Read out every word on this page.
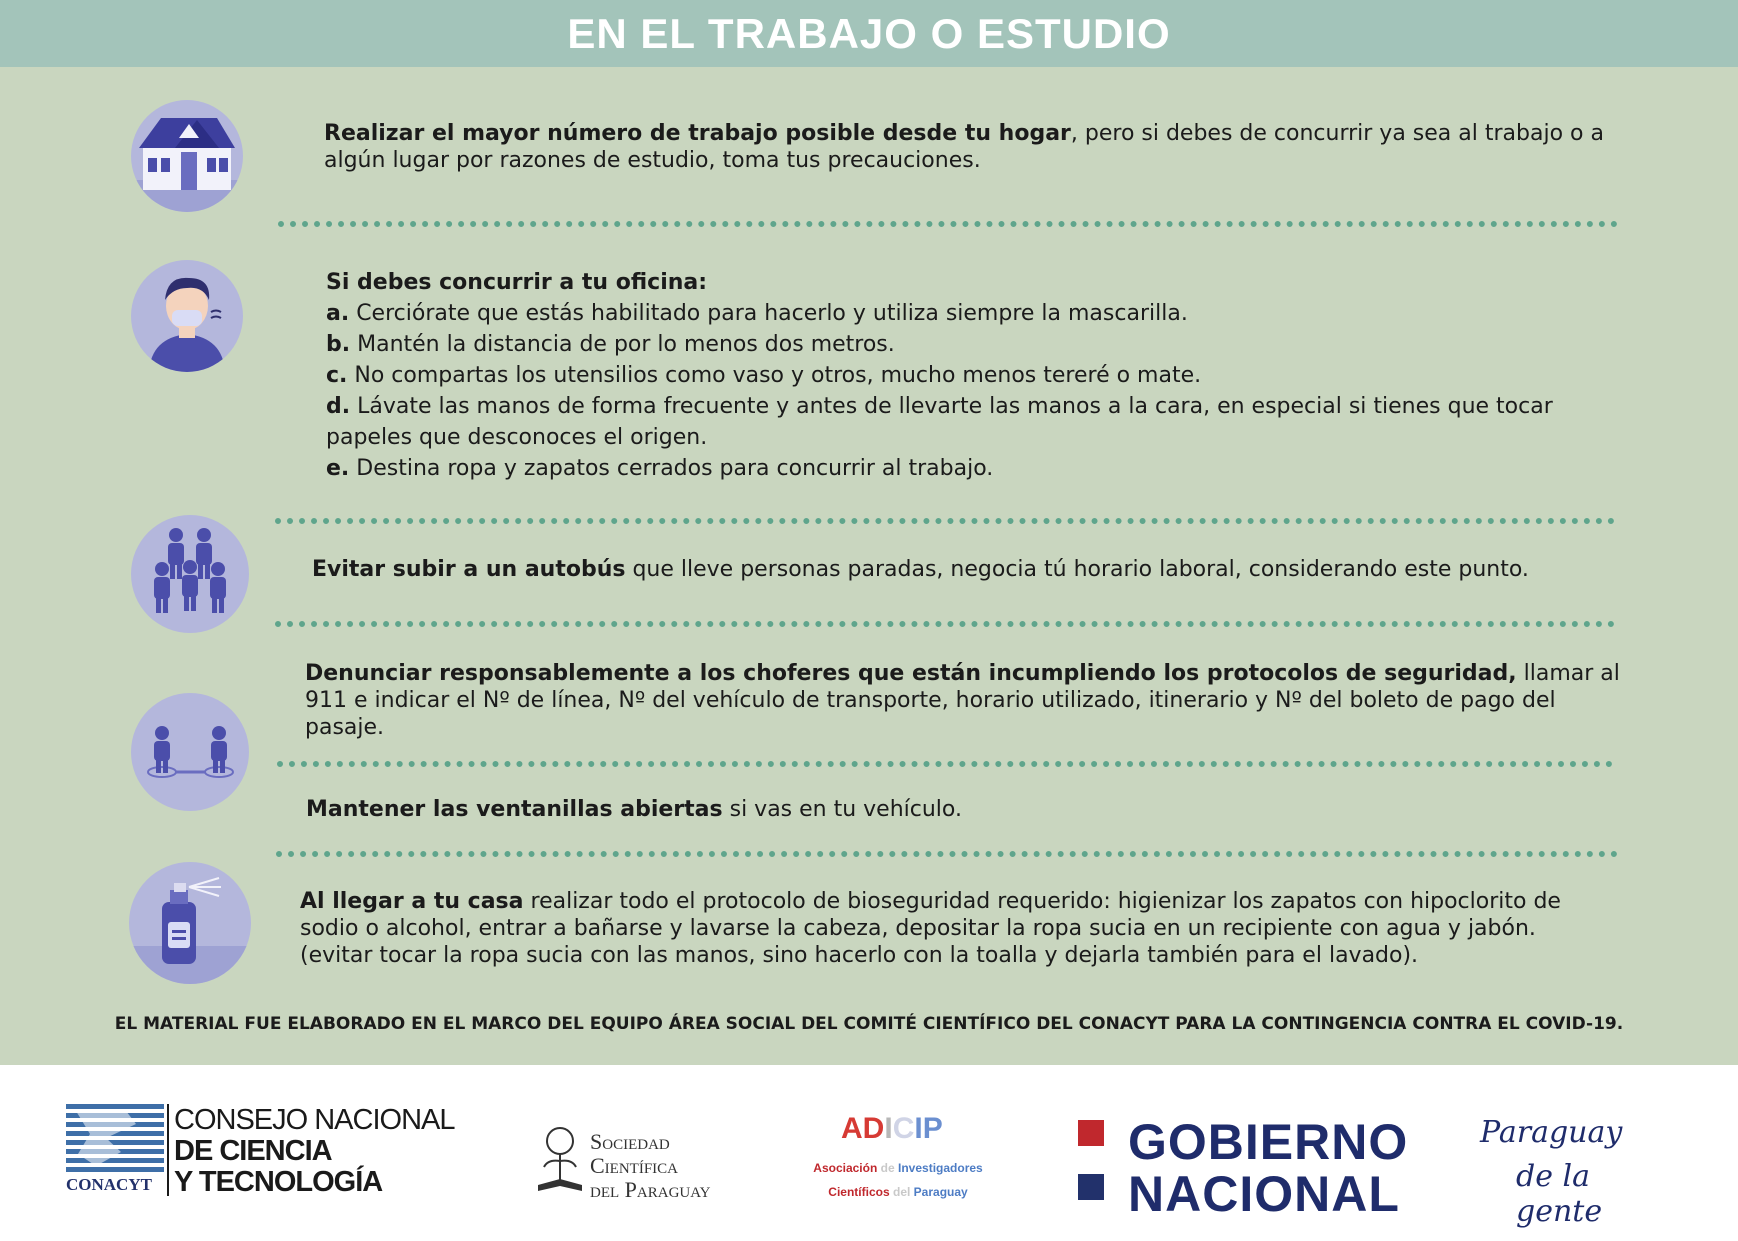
EN EL TRABAJO O ESTUDIO
Realizar el mayor número de trabajo posible desde tu hogar, pero si debes de concurrir ya sea al trabajo o a algún lugar por razones de estudio, toma tus precauciones.
Si debes concurrir a tu oficina:
a. Cerciórate que estás habilitado para hacerlo y utiliza siempre la mascarilla.
b. Mantén la distancia de por lo menos dos metros.
c. No compartas los utensilios como vaso y otros, mucho menos tereré o mate.
d. Lávate las manos de forma frecuente y antes de llevarte las manos a la cara, en especial si tienes que tocar papeles que desconoces el origen.
e. Destina ropa y zapatos cerrados para concurrir al trabajo.
Evitar subir a un autobús que lleve personas paradas, negocia tú horario laboral, considerando este punto.
Denunciar responsablemente a los choferes que están incumpliendo los protocolos de seguridad, llamar al 911 e indicar el Nº de línea, Nº del vehículo de transporte, horario utilizado, itinerario y Nº del boleto de pago del pasaje.
Mantener las ventanillas abiertas si vas en tu vehículo.
Al llegar a tu casa realizar todo el protocolo de bioseguridad requerido: higienizar los zapatos con hipoclorito de sodio o alcohol, entrar a bañarse y lavarse la cabeza, depositar la ropa sucia en un recipiente con agua y jabón. (evitar tocar la ropa sucia con las manos, sino hacerlo con la toalla y dejarla también para el lavado).
EL MATERIAL FUE ELABORADO EN EL MARCO DEL EQUIPO ÁREA SOCIAL DEL COMITÉ CIENTÍFICO DEL CONACYT PARA LA CONTINGENCIA CONTRA EL COVID-19.
CONACYT
CONSEJO NACIONAL
DE CIENCIA
Y TECNOLOGÍA
Sociedad
Científica
del Paraguay
ADICIP
Asociación de Investigadores
Científicos del Paraguay
GOBIERNO
NACIONAL
Paraguay
de la gente
